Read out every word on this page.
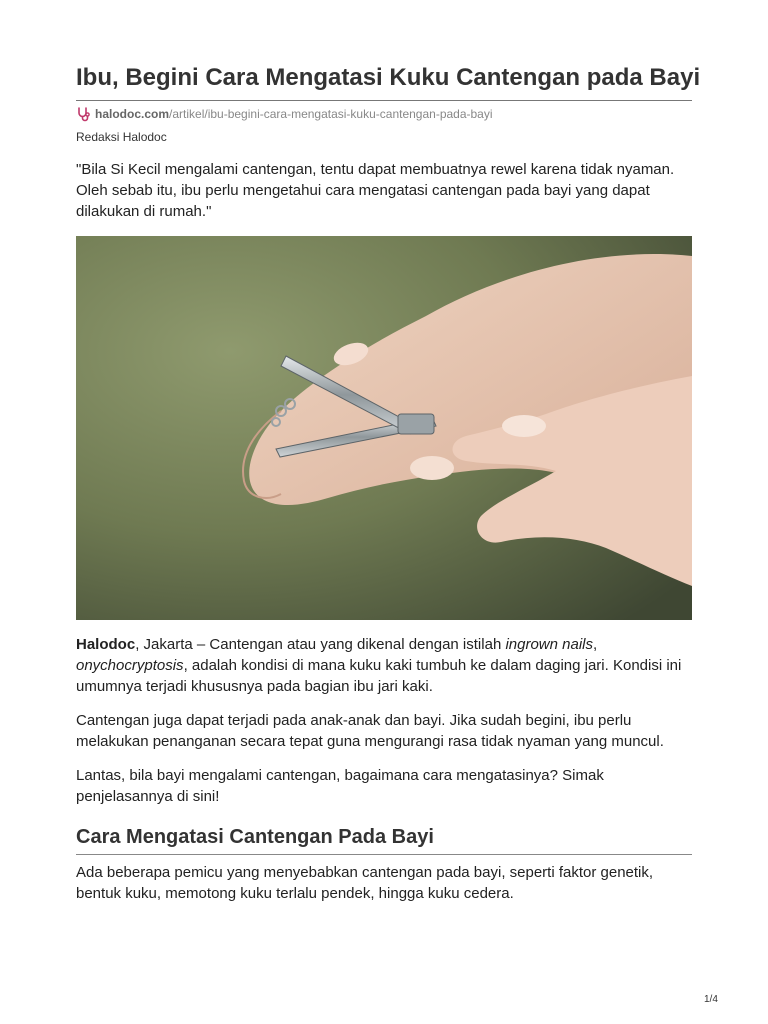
Ibu, Begini Cara Mengatasi Kuku Cantengan pada Bayi
halodoc.com /artikel/ibu-begini-cara-mengatasi-kuku-cantengan-pada-bayi
Redaksi Halodoc

"Bila Si Kecil mengalami cantengan, tentu dapat membuatnya rewel karena tidak nyaman. Oleh sebab itu, ibu perlu mengetahui cara mengatasi cantengan pada bayi yang dapat dilakukan di rumah."

Halodoc, Jakarta – Cantengan atau yang dikenal dengan istilah ingrown nails, onychocryptosis, adalah kondisi di mana kuku kaki tumbuh ke dalam daging jari. Kondisi ini umumnya terjadi khususnya pada bagian ibu jari kaki.

Cantengan juga dapat terjadi pada anak-anak dan bayi. Jika sudah begini, ibu perlu melakukan penanganan secara tepat guna mengurangi rasa tidak nyaman yang muncul.

Lantas, bila bayi mengalami cantengan, bagaimana cara mengatasinya? Simak penjelasannya di sini!

Cara Mengatasi Cantengan Pada Bayi

Ada beberapa pemicu yang menyebabkan cantengan pada bayi, seperti faktor genetik, bentuk kuku, memotong kuku terlalu pendek, hingga kuku cedera.

1/4
